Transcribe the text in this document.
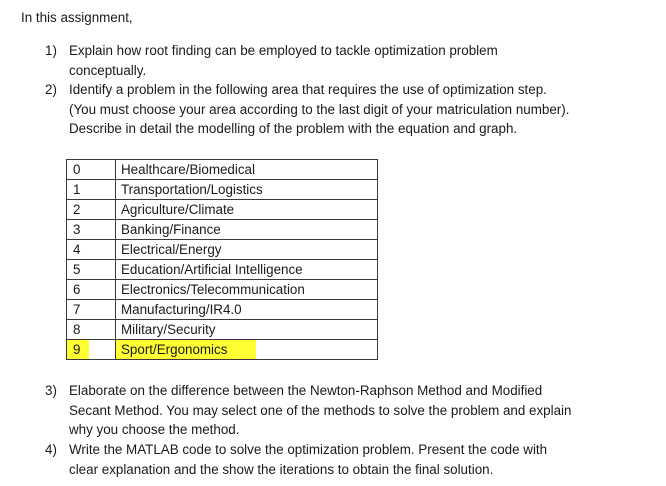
In this assignment,
1) Explain how root finding can be employed to tackle optimization problem
conceptually.
2) Identify a problem in the following area that requires the use of optimization step.
(You must choose your area according to the last digit of your matriculation number).
Describe in detail the modelling of the problem with the equation and graph.
0	Healthcare/Biomedical
1	Transportation/Logistics
2	Agriculture/Climate
3	Banking/Finance
4	Electrical/Energy
5	Education/Artificial Intelligence
6	Electronics/Telecommunication
7	Manufacturing/IR4.0
8	Military/Security
9	Sport/Ergonomics
3) Elaborate on the difference between the Newton-Raphson Method and Modified
Secant Method. You may select one of the methods to solve the problem and explain
why you choose the method.
4) Write the MATLAB code to solve the optimization problem. Present the code with
clear explanation and the show the iterations to obtain the final solution.
